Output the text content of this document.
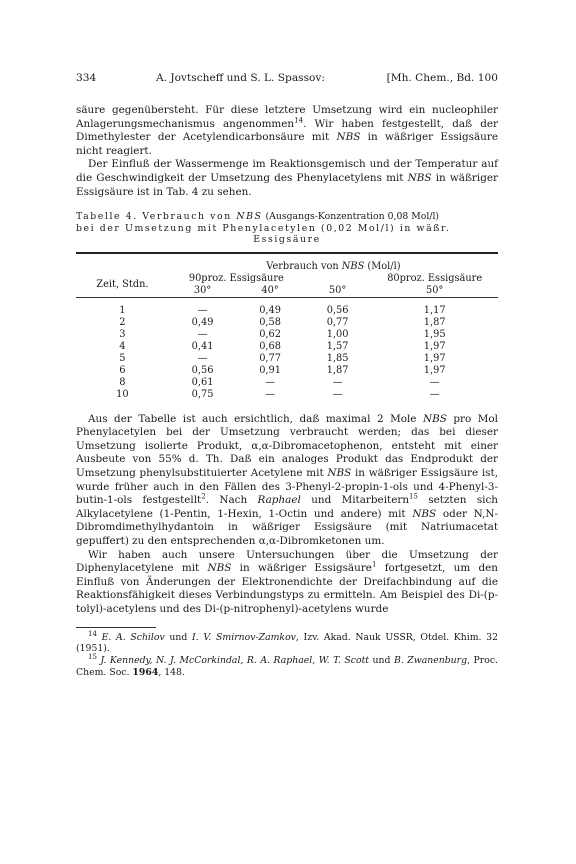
334	A. Jovtscheff und S. L. Spassov:	[Mh. Chem., Bd. 100

säure gegenübersteht. Für diese letztere Umsetzung wird ein nucleophiler Anlagerungsmechanismus angenommen$^{14}$. Wir haben festgestellt, daß der Dimethylester der Acetylendicarbonsäure mit NBS in wäßriger Essigsäure nicht reagiert.

Der Einfluß der Wassermenge im Reaktionsgemisch und der Temperatur auf die Geschwindigkeit der Umsetzung des Phenylacetylens mit NBS in wäßriger Essigsäure ist in Tab. 4 zu sehen.

Tabelle 4. Verbrauch von NBS (Ausgangs-Konzentration 0,08 Mol/l)
bei der Umsetzung mit Phenylacetylen (0,02 Mol/l) in wäßr.

Essigsäure

	Verbrauch von NBS (Mol/l)			
Zeit, Stdn.	90proz. Essigsäure			80proz. Essigsäure
	30°	40°	50°	50°

1	—	0,49	0,56	1,17
2	0,49	0,58	0,77	1,87
3	—	0,62	1,00	1,95
4	0,41	0,68	1,57	1,97
5	—	0,77	1,85	1,97
6	0,56	0,91	1,87	1,97
8	0,61	—	—	—
10	0,75	—	—	—

Aus der Tabelle ist auch ersichtlich, daß maximal 2 Mole NBS pro Mol Phenylacetylen bei der Umsetzung verbraucht werden; das bei dieser Umsetzung isolierte Produkt, α,α-Dibromacetophenon, entsteht mit einer Ausbeute von 55% d. Th. Daß ein analoges Produkt das Endprodukt der Umsetzung phenylsubstituierter Acetylene mit NBS in wäßriger Essigsäure ist, wurde früher auch in den Fällen des 3-Phenyl-2-propin-1-ols und 4-Phenyl-3-butin-1-ols festgestellt$^2$. Nach Raphael und Mitarbeitern$^{15}$ setzten sich Alkylacetylene (1-Pentin, 1-Hexin, 1-Octin und andere) mit NBS oder N,N-Dibromdimethylhydantoin in wäßriger Essigsäure (mit Natriumacetat gepuffert) zu den entsprechenden α,α-Dibromketonen um.

Wir haben auch unsere Untersuchungen über die Umsetzung der Diphenylacetylene mit NBS in wäßriger Essigsäure$^1$ fortgesetzt, um den Einfluß von Änderungen der Elektronendichte der Dreifachbindung auf die Reaktionsfähigkeit dieses Verbindungstyps zu ermitteln. Am Beispiel des Di-(p-tolyl)-acetylens und des Di-(p-nitrophenyl)-acetylens wurde

$^{14}$ E. A. Schilov und I. V. Smirnov-Zamkov, Izv. Akad. Nauk USSR, Otdel. Khim. 32 (1951).

$^{15}$ J. Kennedy, N. J. McCorkindal, R. A. Raphael, W. T. Scott und B. Zwanenburg, Proc. Chem. Soc. 1964, 148.
